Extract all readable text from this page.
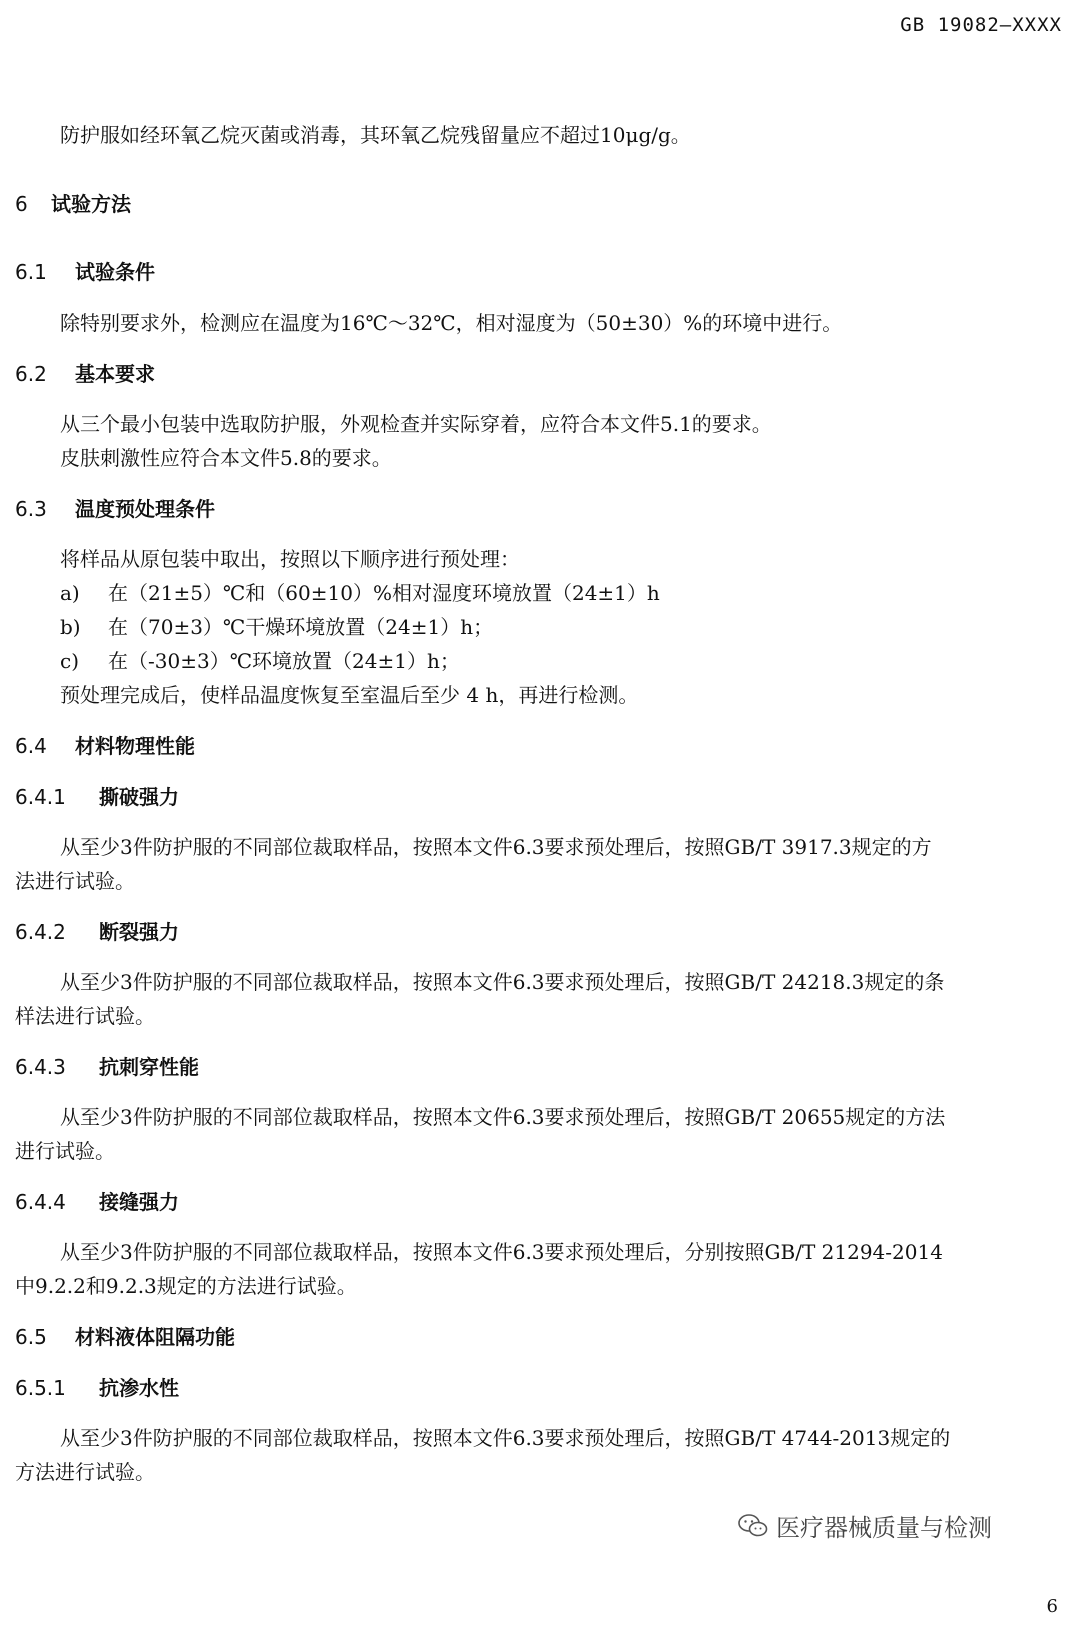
GB 19082—XXXX
防护服如经环氧乙烷灭菌或消毒，其环氧乙烷残留量应不超过10μg/g。
6 试验方法
6.1 试验条件
除特别要求外，检测应在温度为16℃～32℃，相对湿度为（50±30）%的环境中进行。
6.2 基本要求
从三个最小包装中选取防护服，外观检查并实际穿着，应符合本文件5.1的要求。
皮肤刺激性应符合本文件5.8的要求。
6.3 温度预处理条件
将样品从原包装中取出，按照以下顺序进行预处理：
a) 在（21±5）℃和（60±10）%相对湿度环境放置（24±1）h
b) 在（70±3）℃干燥环境放置（24±1）h；
c) 在（-30±3）℃环境放置（24±1）h；
预处理完成后，使样品温度恢复至室温后至少 4 h，再进行检测。
6.4 材料物理性能
6.4.1 撕破强力
从至少3件防护服的不同部位裁取样品，按照本文件6.3要求预处理后，按照GB/T 3917.3规定的方
法进行试验。
6.4.2 断裂强力
从至少3件防护服的不同部位裁取样品，按照本文件6.3要求预处理后，按照GB/T 24218.3规定的条
样法进行试验。
6.4.3 抗刺穿性能
从至少3件防护服的不同部位裁取样品，按照本文件6.3要求预处理后，按照GB/T 20655规定的方法
进行试验。
6.4.4 接缝强力
从至少3件防护服的不同部位裁取样品，按照本文件6.3要求预处理后，分别按照GB/T 21294-2014
中9.2.2和9.2.3规定的方法进行试验。
6.5 材料液体阻隔功能
6.5.1 抗渗水性
从至少3件防护服的不同部位裁取样品，按照本文件6.3要求预处理后，按照GB/T 4744-2013规定的
方法进行试验。
医疗器械质量与检测
6
